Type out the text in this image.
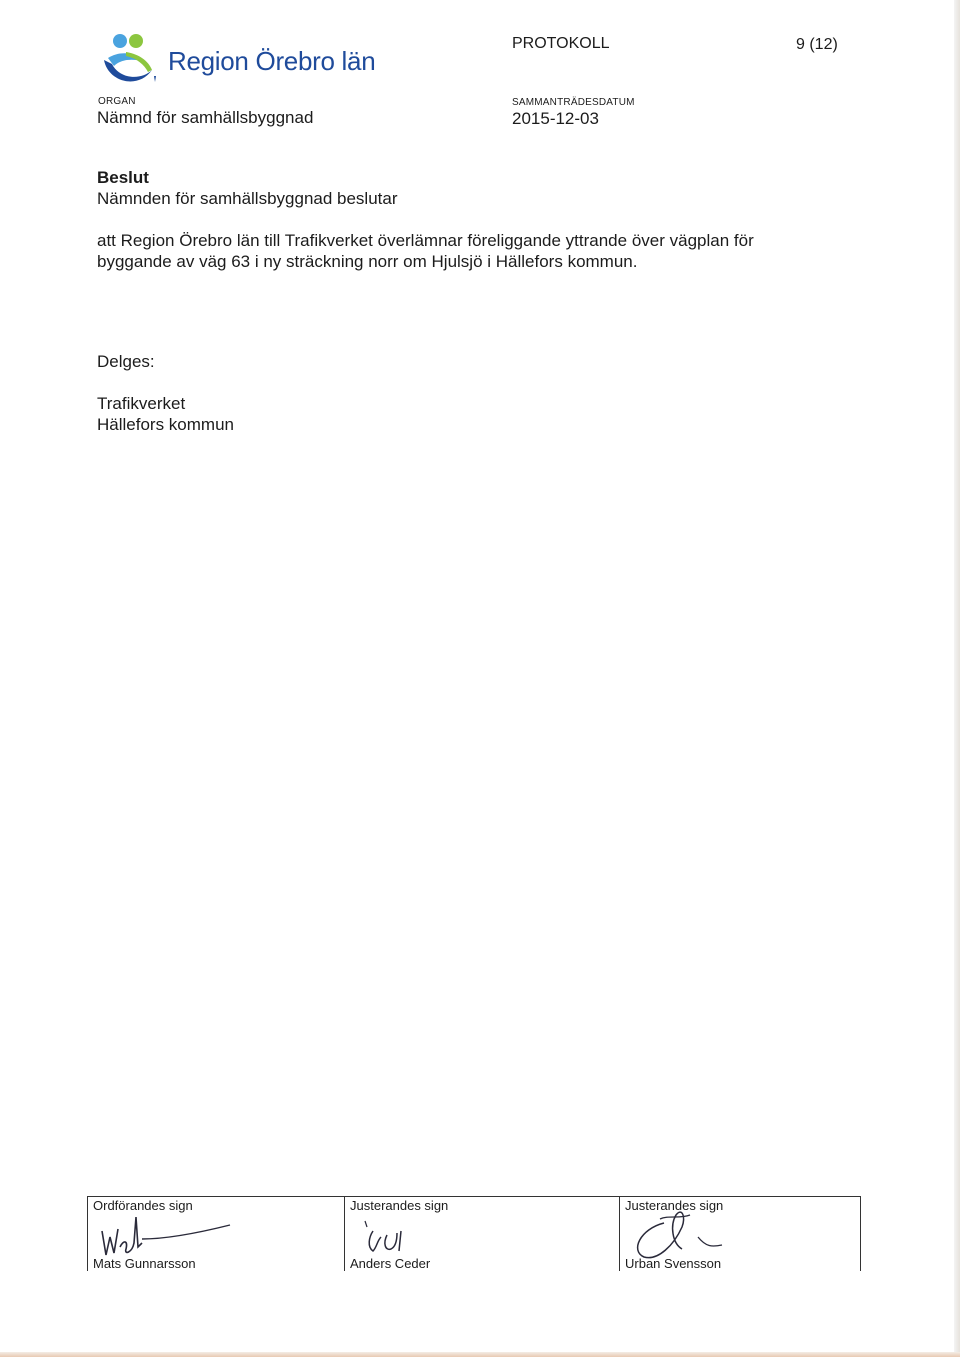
Region Örebro län
PROTOKOLL	9 (12)
ORGAN
Nämnd för samhällsbyggnad
SAMMANTRÄDESDATUM
2015-12-03
Beslut
Nämnden för samhällsbyggnad beslutar
att Region Örebro län till Trafikverket överlämnar föreliggande yttrande över vägplan för
byggande av väg 63 i ny sträckning norr om Hjulsjö i Hällefors kommun.
Delges:
Trafikverket
Hällefors kommun
Ordförandes sign
Mats Gunnarsson
Justerandes sign
Anders Ceder
Justerandes sign
Urban Svensson
